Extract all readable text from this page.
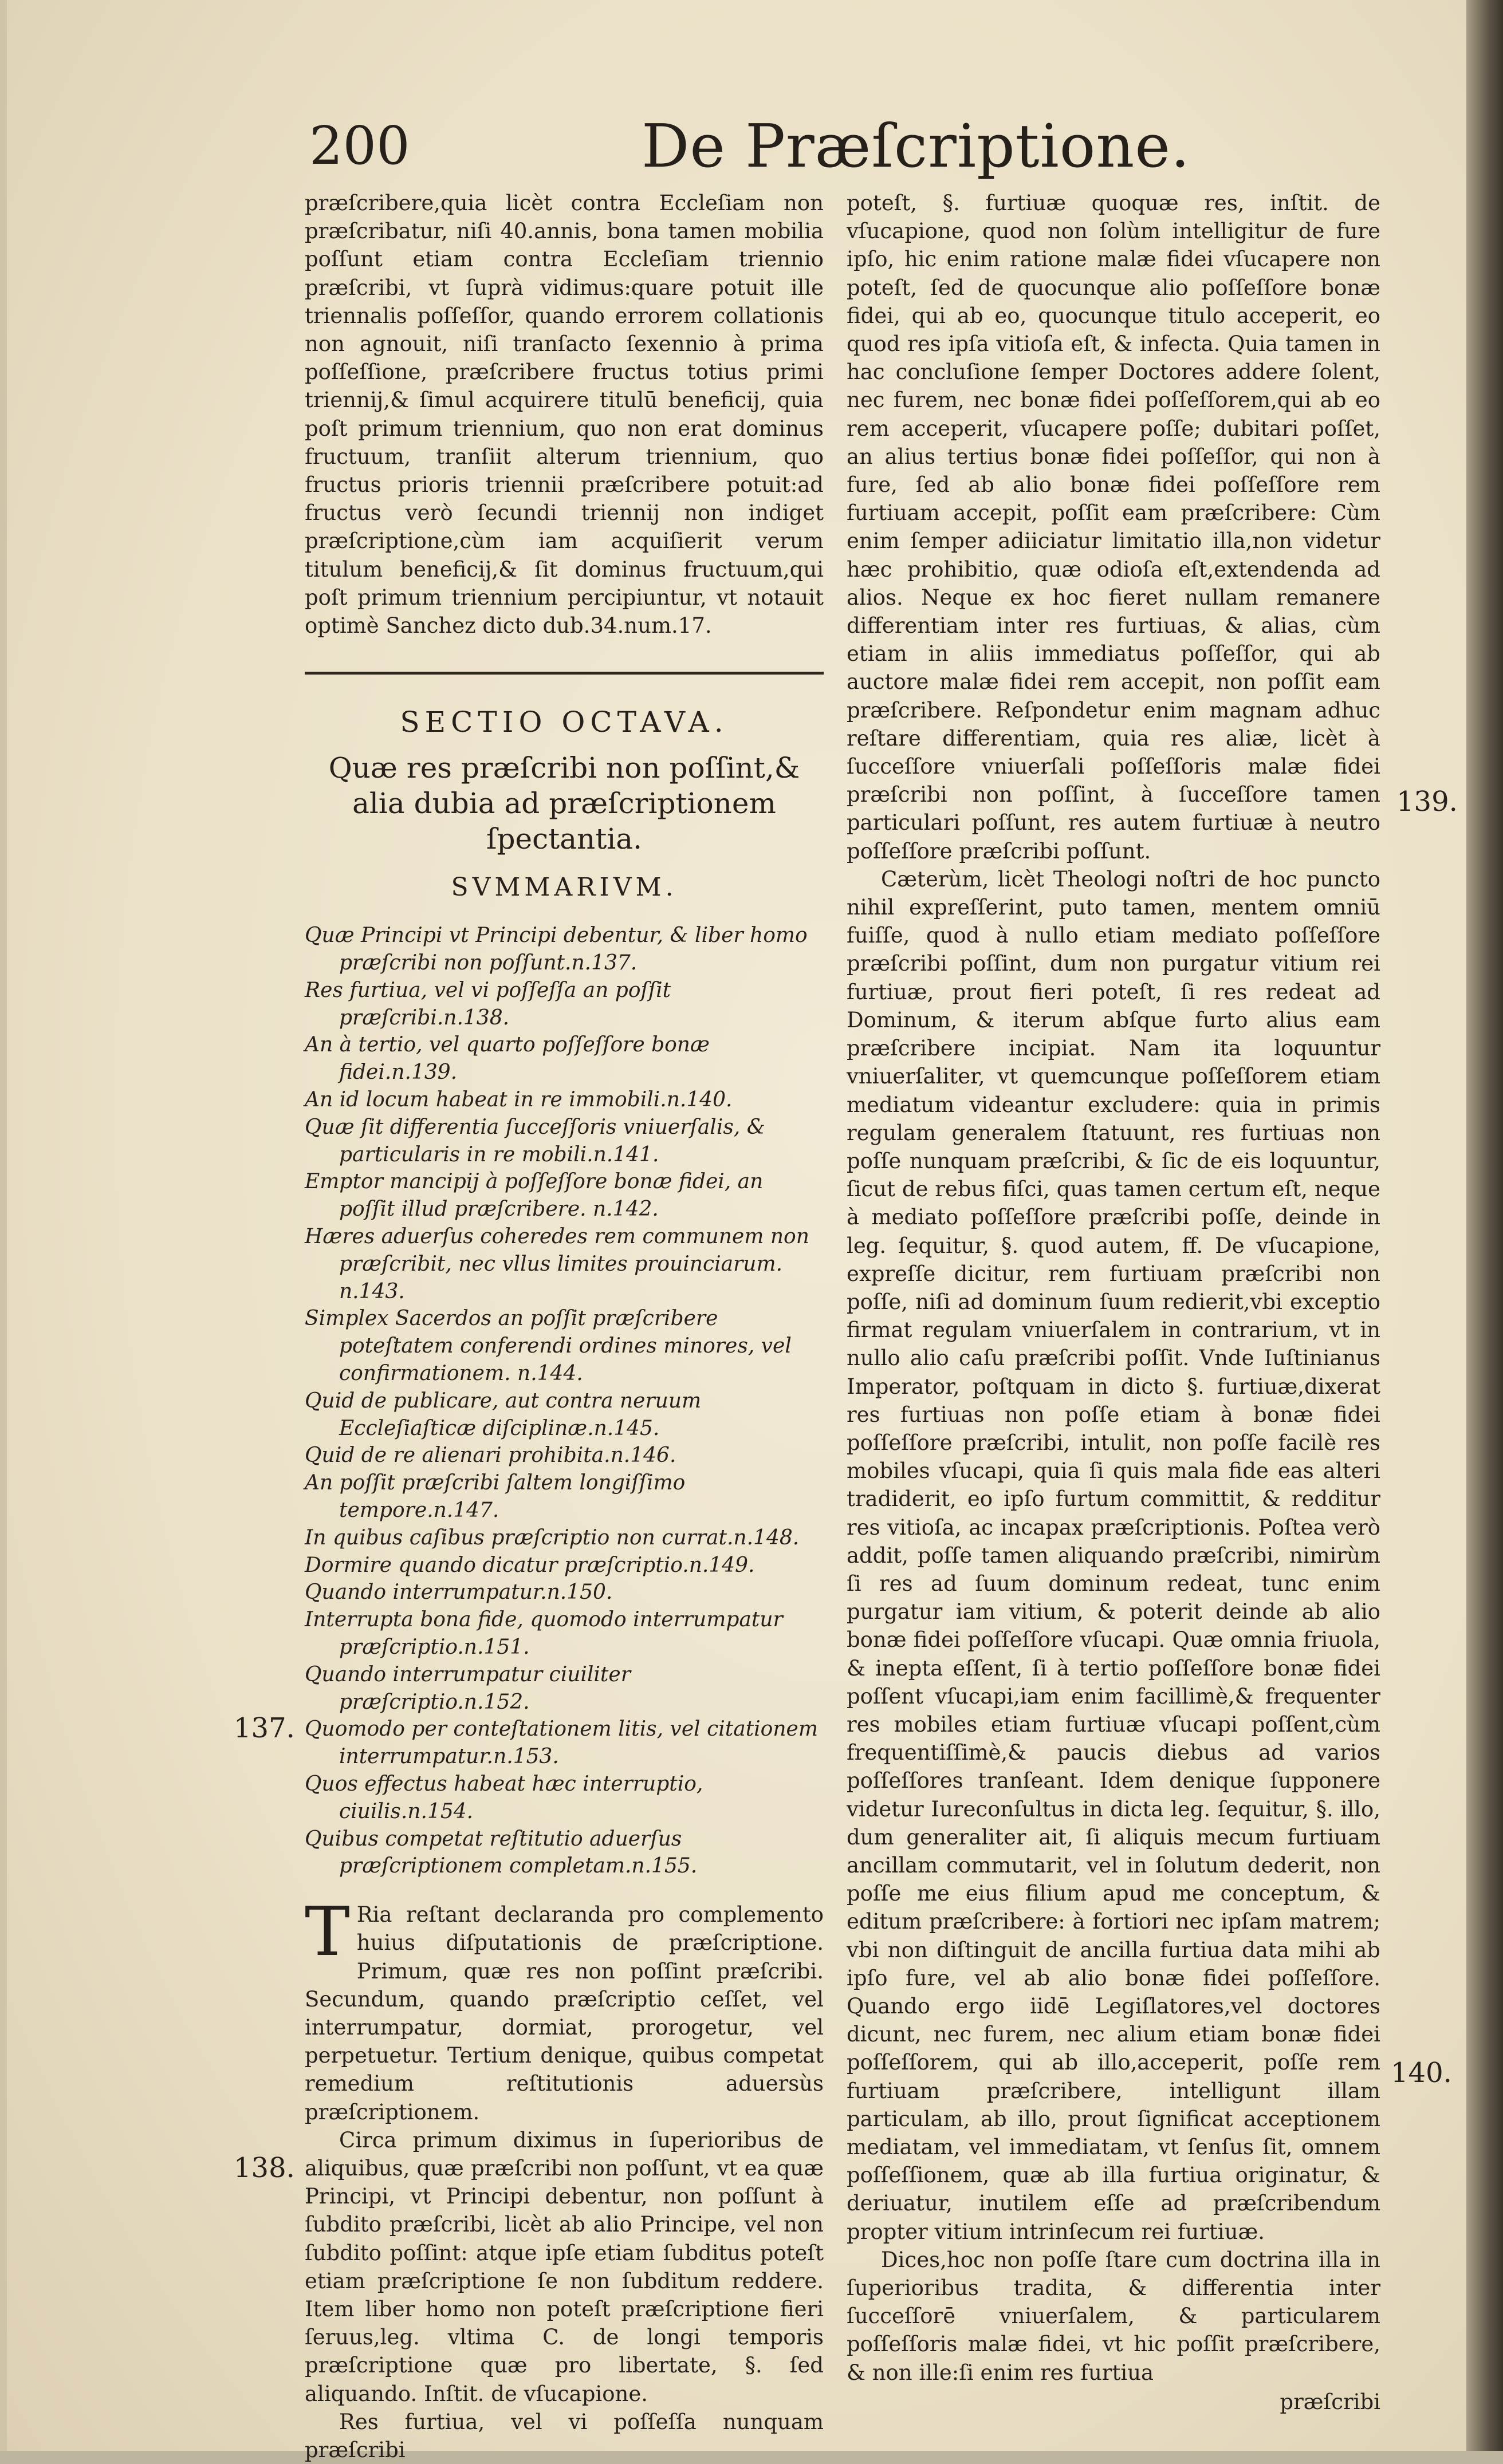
200	De Præſcriptione.

præſcribere,quia licèt contra Eccleſiam non præſcribatur, niſi 40.annis, bona tamen mobilia poſſunt etiam contra Eccleſiam triennio præſcribi, vt ſuprà vidimus:quare potuit ille triennalis poſſeſſor, quando errorem collationis non agnouit, niſi tranſacto ſexennio à prima poſſeſſione, præſcribere fructus totius primi triennij,& ſimul acquirere titulū beneficij, quia poſt primum triennium, quo non erat dominus fructuum, tranſiit alterum triennium, quo fructus prioris triennii præſcribere potuit:ad fructus verò ſecundi triennij non indiget præſcriptione,cùm iam acquiſierit verum titulum beneficij,& ſit dominus fructuum,qui poſt primum triennium percipiuntur, vt notauit optimè Sanchez dicto dub.34.num.17.

SECTIO OCTAVA.
Quæ res præſcribi non poſſint,& alia dubia ad præſcriptionem ſpectantia.
SVMMARIVM.
Quæ Principi vt Principi debentur, & liber homo præſcribi non poſſunt.n.137.
Res furtiua, vel vi poſſeſſa an poſſit præſcribi.n.138.
An à tertio, vel quarto poſſeſſore bonæ fidei.n.139.
An id locum habeat in re immobili.n.140.
Quæ ſit differentia ſucceſſoris vniuerſalis, & particularis in re mobili.n.141.
Emptor mancipij à poſſeſſore bonæ fidei, an poſſit illud præſcribere. n.142.
Hæres aduerſus coheredes rem communem non præſcribit, nec vllus limites prouinciarum. n.143.
Simplex Sacerdos an poſſit præſcribere poteſtatem conferendi ordines minores, vel confirmationem. n.144.
Quid de publicare, aut contra neruum Eccleſiaſticæ diſciplinæ.n.145.
Quid de re alienari prohibita.n.146.
An poſſit præſcribi ſaltem longiſſimo tempore.n.147.
In quibus caſibus præſcriptio non currat.n.148.
Dormire quando dicatur præſcriptio.n.149.
Quando interrumpatur.n.150.
Interrupta bona fide, quomodo interrumpatur præſcriptio.n.151.
Quando interrumpatur ciuiliter præſcriptio.n.152.
Quomodo per conteſtationem litis, vel citationem interrumpatur.n.153.
Quos effectus habeat hæc interruptio, ciuilis.n.154.
Quibus competat reſtitutio aduerſus præſcriptionem completam.n.155.

T Ria reſtant declaranda pro complemento huius diſputationis de præſcriptione. Primum, quæ res non poſſint præſcribi. Secundum, quando præſcriptio ceſſet, vel interrumpatur, dormiat, prorogetur, vel perpetuetur. Tertium denique, quibus competat remedium reſtitutionis aduersùs præſcriptionem.

Circa primum diximus in ſuperioribus de aliquibus, quæ præſcribi non poſſunt, vt ea quæ Principi, vt Principi debentur, non poſſunt à ſubdito præſcribi, licèt ab alio Principe, vel non ſubdito poſſint: atque ipſe etiam ſubditus poteſt etiam præſcriptione ſe non ſubditum reddere. Item liber homo non poteſt præſcriptione fieri ſeruus,leg. vltima C. de longi temporis præſcriptione quæ pro libertate, §. ſed aliquando. Inſtit. de vſucapione.

Res furtiua, vel vi poſſeſſa nunquam præſcribi

poteſt, §. furtiuæ quoquæ res, inſtit. de vſucapione, quod non ſolùm intelligitur de fure ipſo, hic enim ratione malæ fidei vſucapere non poteſt, ſed de quocunque alio poſſeſſore bonæ fidei, qui ab eo, quocunque titulo acceperit, eo quod res ipſa vitioſa eſt, & infecta. Quia tamen in hac concluſione ſemper Doctores addere ſolent, nec furem, nec bonæ fidei poſſeſſorem,qui ab eo rem acceperit, vſucapere poſſe; dubitari poſſet, an alius tertius bonæ fidei poſſeſſor, qui non à fure, ſed ab alio bonæ fidei poſſeſſore rem furtiuam accepit, poſſit eam præſcribere: Cùm enim ſemper adiiciatur limitatio illa,non videtur hæc prohibitio, quæ odioſa eſt,extendenda ad alios. Neque ex hoc fieret nullam remanere differentiam inter res furtiuas, & alias, cùm etiam in aliis immediatus poſſeſſor, qui ab auctore malæ fidei rem accepit, non poſſit eam præſcribere. Reſpondetur enim magnam adhuc reſtare differentiam, quia res aliæ, licèt à ſucceſſore vniuerſali poſſeſſoris malæ fidei præſcribi non poſſint, à ſucceſſore tamen particulari poſſunt, res autem furtiuæ à neutro poſſeſſore præſcribi poſſunt.

Cæterùm, licèt Theologi noſtri de hoc puncto nihil expreſſerint, puto tamen, mentem omniū fuiſſe, quod à nullo etiam mediato poſſeſſore præſcribi poſſint, dum non purgatur vitium rei furtiuæ, prout fieri poteſt, ſi res redeat ad Dominum, & iterum abſque furto alius eam præſcribere incipiat. Nam ita loquuntur vniuerſaliter, vt quemcunque poſſeſſorem etiam mediatum videantur excludere: quia in primis regulam generalem ſtatuunt, res furtiuas non poſſe nunquam præſcribi, & ſic de eis loquuntur, ſicut de rebus fiſci, quas tamen certum eſt, neque à mediato poſſeſſore præſcribi poſſe, deinde in leg. ſequitur, §. quod autem, ff. De vſucapione, expreſſe dicitur, rem furtiuam præſcribi non poſſe, niſi ad dominum ſuum redierit,vbi exceptio firmat regulam vniuerſalem in contrarium, vt in nullo alio caſu præſcribi poſſit. Vnde Iuſtinianus Imperator, poſtquam in dicto §. furtiuæ,dixerat res furtiuas non poſſe etiam à bonæ fidei poſſeſſore præſcribi, intulit, non poſſe facilè res mobiles vſucapi, quia ſi quis mala fide eas alteri tradiderit, eo ipſo furtum committit, & redditur res vitioſa, ac incapax præſcriptionis. Poſtea verò addit, poſſe tamen aliquando præſcribi, nimirùm ſi res ad ſuum dominum redeat, tunc enim purgatur iam vitium, & poterit deinde ab alio bonæ fidei poſſeſſore vſucapi. Quæ omnia friuola, & inepta eſſent, ſi à tertio poſſeſſore bonæ fidei poſſent vſucapi,iam enim facillimè,& frequenter res mobiles etiam furtiuæ vſucapi poſſent,cùm frequentiſſimè,& paucis diebus ad varios poſſeſſores tranſeant. Idem denique ſupponere videtur Iureconſultus in dicta leg. ſequitur, §. illo, dum generaliter ait, ſi aliquis mecum furtiuam ancillam commutarit, vel in ſolutum dederit, non poſſe me eius filium apud me conceptum, & editum præſcribere: à fortiori nec ipſam matrem; vbi non diſtinguit de ancilla furtiua data mihi ab ipſo fure, vel ab alio bonæ fidei poſſeſſore. Quando ergo iidē Legiſlatores,vel doctores dicunt, nec furem, nec alium etiam bonæ fidei poſſeſſorem, qui ab illo,acceperit, poſſe rem furtiuam præſcribere, intelligunt illam particulam, ab illo, prout ſignificat acceptionem mediatam, vel immediatam, vt ſenſus ſit, omnem poſſeſſionem, quæ ab illa furtiua originatur, & deriuatur, inutilem eſſe ad præſcribendum propter vitium intrinſecum rei furtiuæ.

Dices,hoc non poſſe ſtare cum doctrina illa in ſuperioribus tradita, & differentia inter ſucceſſorē vniuerſalem, & particularem poſſeſſoris malæ fidei, vt hic poſſit præſcribere, & non ille:ſi enim res furtiua

præſcribi
137.
138.
139.
140.
